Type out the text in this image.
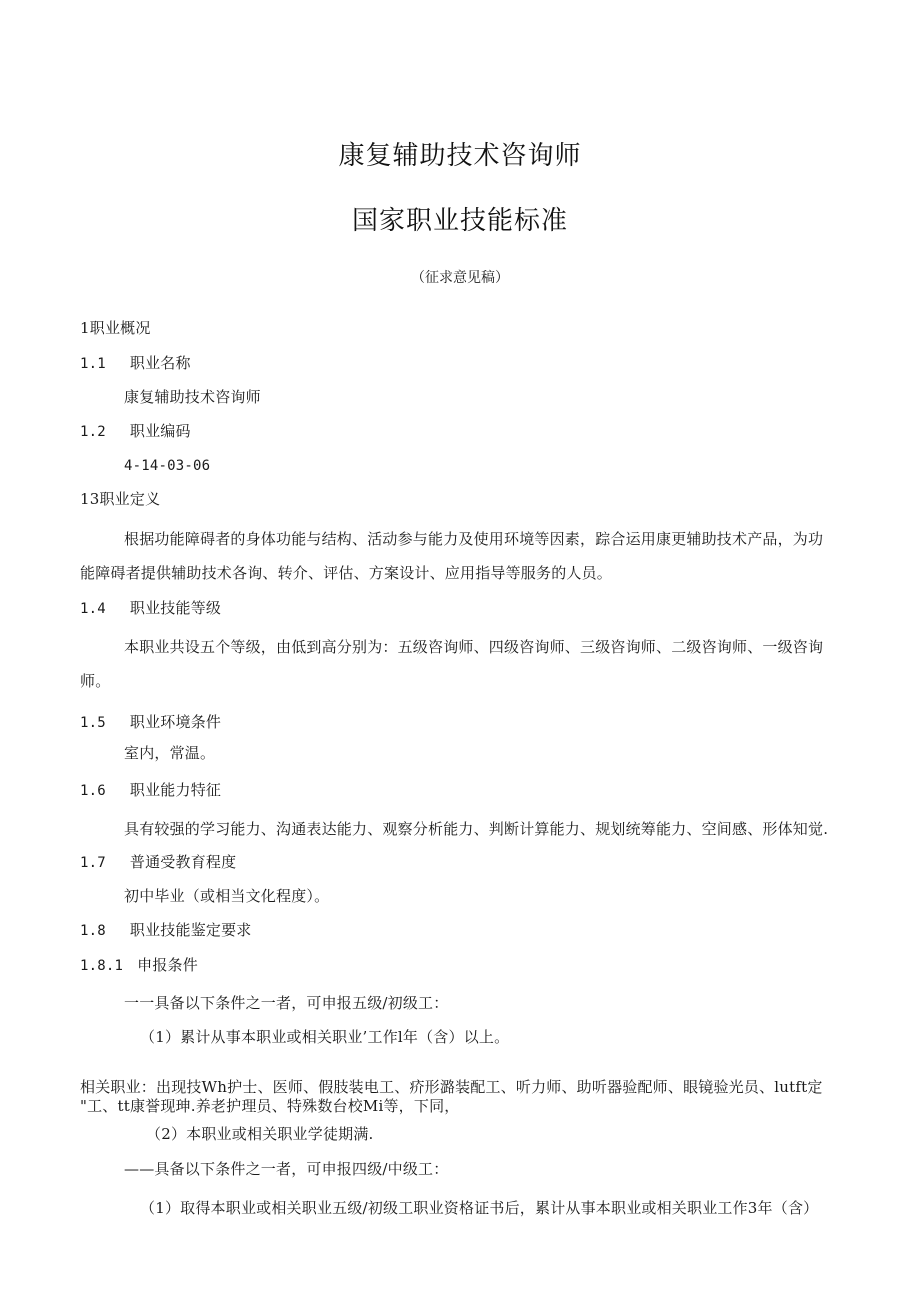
康复辅助技术咨询师
国家职业技能标准
（征求意见稿）
1职业概况
1.1 职业名称
康复辅助技术咨询师
1.2 职业编码
4-14-03-06
13职业定义
根据功能障碍者的身体功能与结构、活动参与能力及使用环境等因素，踪合运用康更辅助技术产品，为功
能障碍者提供辅助技术各询、转介、评估、方案设计、应用指导等服务的人员。
1.4 职业技能等级
本职业共设五个等级，由低到高分别为：五级咨询师、四级咨询师、三级咨询师、二级咨询师、一级咨询
师。
1.5 职业环境条件
室内，常温。
1.6 职业能力特征
具有较强的学习能力、沟通表达能力、观察分析能力、判断计算能力、规划统筹能力、空间感、形体知觉.
1.7 普通受教育程度
初中毕业（或相当文化程度）。
1.8 职业技能鉴定要求
1.8.1 申报条件
一一具备以下条件之一者，可申报五级/初级工：
（1）累计从事本职业或相关职业’工作l年（含）以上。
相关职业：出现技Wh护士、医师、假肢装电工、疥形潞装配工、听力师、助听器验配师、眼镜验光员、lutft定
"工、tt康誉现珅.养老护理员、特殊数台校Mi等，下同，
（2）本职业或相关职业学徒期满.
——具备以下条件之一者，可申报四级/中级工：
（1）取得本职业或相关职业五级/初级工职业资格证书后，累计从事本职业或相关职业工作3年（含）
